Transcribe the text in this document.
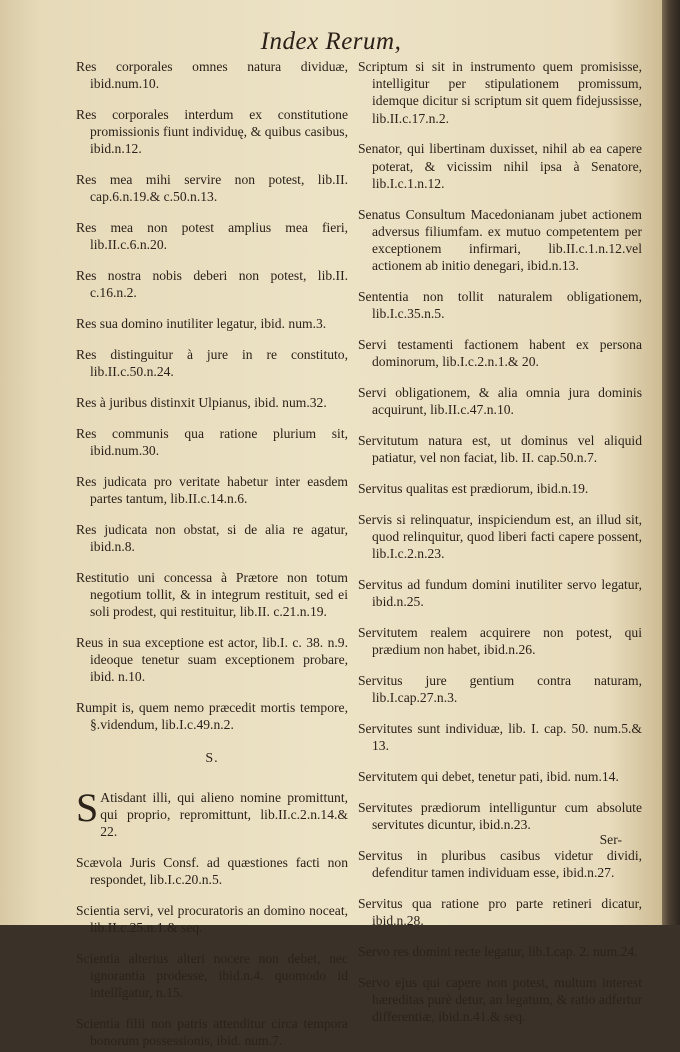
Index Rerum,

Res corporales omnes natura dividuæ, ibid.num.10.

Res corporales interdum ex constitutione promissionis fiunt individuę, & quibus casibus, ibid.n.12.

Res mea mihi servire non potest, lib.II. cap.6.n.19.& c.50.n.13.

Res mea non potest amplius mea fieri, lib.II.c.6.n.20.

Res nostra nobis deberi non potest, lib.II. c.16.n.2.

Res sua domino inutiliter legatur, ibid. num.3.

Res distinguitur à jure in re constituto, lib.II.c.50.n.24.

Res à juribus distinxit Ulpianus, ibid. num.32.

Res communis qua ratione plurium sit, ibid.num.30.

Res judicata pro veritate habetur inter easdem partes tantum, lib.II.c.14.n.6.

Res judicata non obstat, si de alia re agatur, ibid.n.8.

Restitutio uni concessa à Prætore non totum negotium tollit, & in integrum restituit, sed ei soli prodest, qui restituitur, lib.II. c.21.n.19.

Reus in sua exceptione est actor, lib.I. c. 38. n.9. ideoque tenetur suam exceptionem probare, ibid. n.10.

Rumpit is, quem nemo præcedit mortis tempore, §.videndum, lib.I.c.49.n.2.

S.

S Atisdant illi, qui alieno nomine promittunt, qui proprio, repromittunt, lib.II.c.2.n.14.& 22.

Scævola Juris Consf. ad quæstiones facti non respondet, lib.I.c.20.n.5.

Scientia servi, vel procuratoris an domino noceat, lib.II.c.25.n.1.& seq.

Scientia alterius alteri nocere non debet, nec ignorantia prodesse, ibid.n.4. quomodo id intellîgatur, n.15.

Scientia filii non patris attenditur circa tempora bonorum possessionis, ibid. num.7.

Scriptum si sit in instrumento quem promisisse, intelligitur per stipulationem promissum, idemque dicitur si scriptum sit quem fidejussisse, lib.II.c.17.n.2.

Senator, qui libertinam duxisset, nihil ab ea capere poterat, & vicissim nihil ipsa à Senatore, lib.I.c.1.n.12.

Senatus Consultum Macedonianam jubet actionem adversus filiumfam. ex mutuo competentem per exceptionem infirmari, lib.II.c.1.n.12.vel actionem ab initio denegari, ibid.n.13.

Sententia non tollit naturalem obligationem, lib.I.c.35.n.5.

Servi testamenti factionem habent ex persona dominorum, lib.I.c.2.n.1.& 20.

Servi obligationem, & alia omnia jura dominis acquirunt, lib.II.c.47.n.10.

Servitutum natura est, ut dominus vel aliquid patiatur, vel non faciat, lib. II. cap.50.n.7.

Servitus qualitas est prædiorum, ibid.n.19.

Servis si relinquatur, inspiciendum est, an illud sit, quod relinquitur, quod liberi facti capere possent, lib.I.c.2.n.23.

Servitus ad fundum domini inutiliter servo legatur, ibid.n.25.

Servitutem realem acquirere non potest, qui prædium non habet, ibid.n.26.

Servitus jure gentium contra naturam, lib.I.cap.27.n.3.

Servitutes sunt individuæ, lib. I. cap. 50. num.5.& 13.

Servitutem qui debet, tenetur pati, ibid. num.14.

Servitutes prædiorum intelliguntur cum absolute servitutes dicuntur, ibid.n.23.

Servitus in pluribus casibus videtur dividi, defenditur tamen individuam esse, ibid.n.27.

Servitus qua ratione pro parte retineri dicatur, ibid.n.28.

Servo res domini recte legatur, lib.I.cap. 2. num.24.

Servo ejus qui capere non potest, multum interest hæreditas purè detur, an legatum, & ratio adfertur differentiæ, ibid.n.41.& seq.

Ser-
